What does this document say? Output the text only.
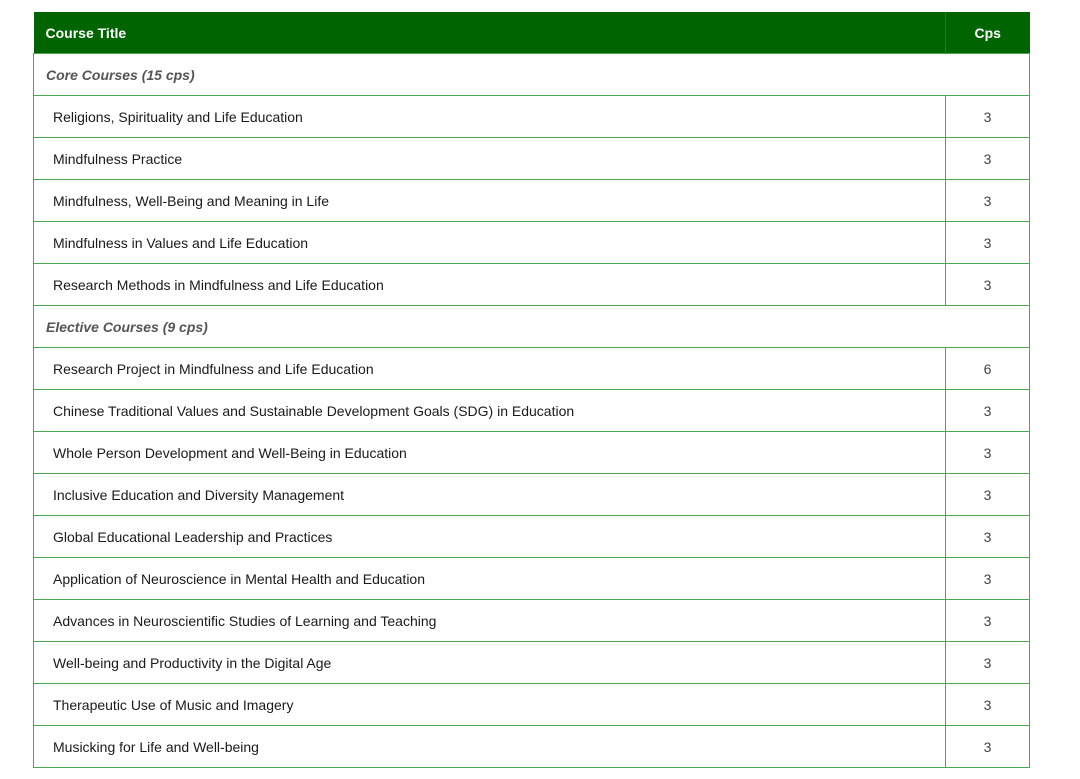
Course Title	Cps
Core Courses (15 cps)	
Religions, Spirituality and Life Education	3
Mindfulness Practice	3
Mindfulness, Well-Being and Meaning in Life	3
Mindfulness in Values and Life Education	3
Research Methods in Mindfulness and Life Education	3
Elective Courses (9 cps)	
Research Project in Mindfulness and Life Education	6
Chinese Traditional Values and Sustainable Development Goals (SDG) in Education	3
Whole Person Development and Well-Being in Education	3
Inclusive Education and Diversity Management	3
Global Educational Leadership and Practices	3
Application of Neuroscience in Mental Health and Education	3
Advances in Neuroscientific Studies of Learning and Teaching	3
Well-being and Productivity in the Digital Age	3
Therapeutic Use of Music and Imagery	3
Musicking for Life and Well-being	3
